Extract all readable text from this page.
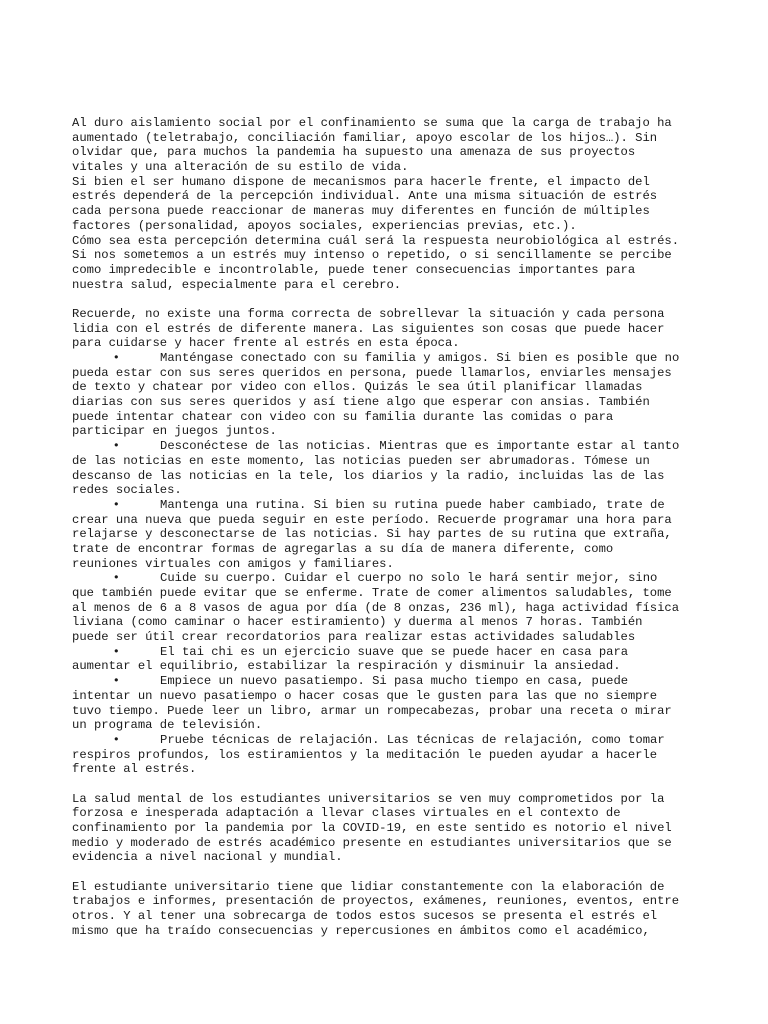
Al duro aislamiento social por el confinamiento se suma que la carga de trabajo ha
aumentado (teletrabajo, conciliación familiar, apoyo escolar de los hijos…). Sin
olvidar que, para muchos la pandemia ha supuesto una amenaza de sus proyectos
vitales y una alteración de su estilo de vida.
Si bien el ser humano dispone de mecanismos para hacerle frente, el impacto del
estrés dependerá de la percepción individual. Ante una misma situación de estrés
cada persona puede reaccionar de maneras muy diferentes en función de múltiples
factores (personalidad, apoyos sociales, experiencias previas, etc.).
Cómo sea esta percepción determina cuál será la respuesta neurobiológica al estrés.
Si nos sometemos a un estrés muy intenso o repetido, o si sencillamente se percibe
como impredecible e incontrolable, puede tener consecuencias importantes para
nuestra salud, especialmente para el cerebro.
Recuerde, no existe una forma correcta de sobrellevar la situación y cada persona
lidia con el estrés de diferente manera. Las siguientes son cosas que puede hacer
para cuidarse y hacer frente al estrés en esta época.
•	Manténgase conectado con su familia y amigos. Si bien es posible que no
pueda estar con sus seres queridos en persona, puede llamarlos, enviarles mensajes
de texto y chatear por video con ellos. Quizás le sea útil planificar llamadas
diarias con sus seres queridos y así tiene algo que esperar con ansias. También
puede intentar chatear con video con su familia durante las comidas o para
participar en juegos juntos.
•	Desconéctese de las noticias. Mientras que es importante estar al tanto
de las noticias en este momento, las noticias pueden ser abrumadoras. Tómese un
descanso de las noticias en la tele, los diarios y la radio, incluidas las de las
redes sociales.
•	Mantenga una rutina. Si bien su rutina puede haber cambiado, trate de
crear una nueva que pueda seguir en este período. Recuerde programar una hora para
relajarse y desconectarse de las noticias. Si hay partes de su rutina que extraña,
trate de encontrar formas de agregarlas a su día de manera diferente, como
reuniones virtuales con amigos y familiares.
•	Cuide su cuerpo. Cuidar el cuerpo no solo le hará sentir mejor, sino
que también puede evitar que se enferme. Trate de comer alimentos saludables, tome
al menos de 6 a 8 vasos de agua por día (de 8 onzas, 236 ml), haga actividad física
liviana (como caminar o hacer estiramiento) y duerma al menos 7 horas. También
puede ser útil crear recordatorios para realizar estas actividades saludables
•	El tai chi es un ejercicio suave que se puede hacer en casa para
aumentar el equilibrio, estabilizar la respiración y disminuir la ansiedad.
•	Empiece un nuevo pasatiempo. Si pasa mucho tiempo en casa, puede
intentar un nuevo pasatiempo o hacer cosas que le gusten para las que no siempre
tuvo tiempo. Puede leer un libro, armar un rompecabezas, probar una receta o mirar
un programa de televisión.
•	Pruebe técnicas de relajación. Las técnicas de relajación, como tomar
respiros profundos, los estiramientos y la meditación le pueden ayudar a hacerle
frente al estrés.
La salud mental de los estudiantes universitarios se ven muy comprometidos por la
forzosa e inesperada adaptación a llevar clases virtuales en el contexto de
confinamiento por la pandemia por la COVID-19, en este sentido es notorio el nivel
medio y moderado de estrés académico presente en estudiantes universitarios que se
evidencia a nivel nacional y mundial.
El estudiante universitario tiene que lidiar constantemente con la elaboración de
trabajos e informes, presentación de proyectos, exámenes, reuniones, eventos, entre
otros. Y al tener una sobrecarga de todos estos sucesos se presenta el estrés el
mismo que ha traído consecuencias y repercusiones en ámbitos como el académico,
